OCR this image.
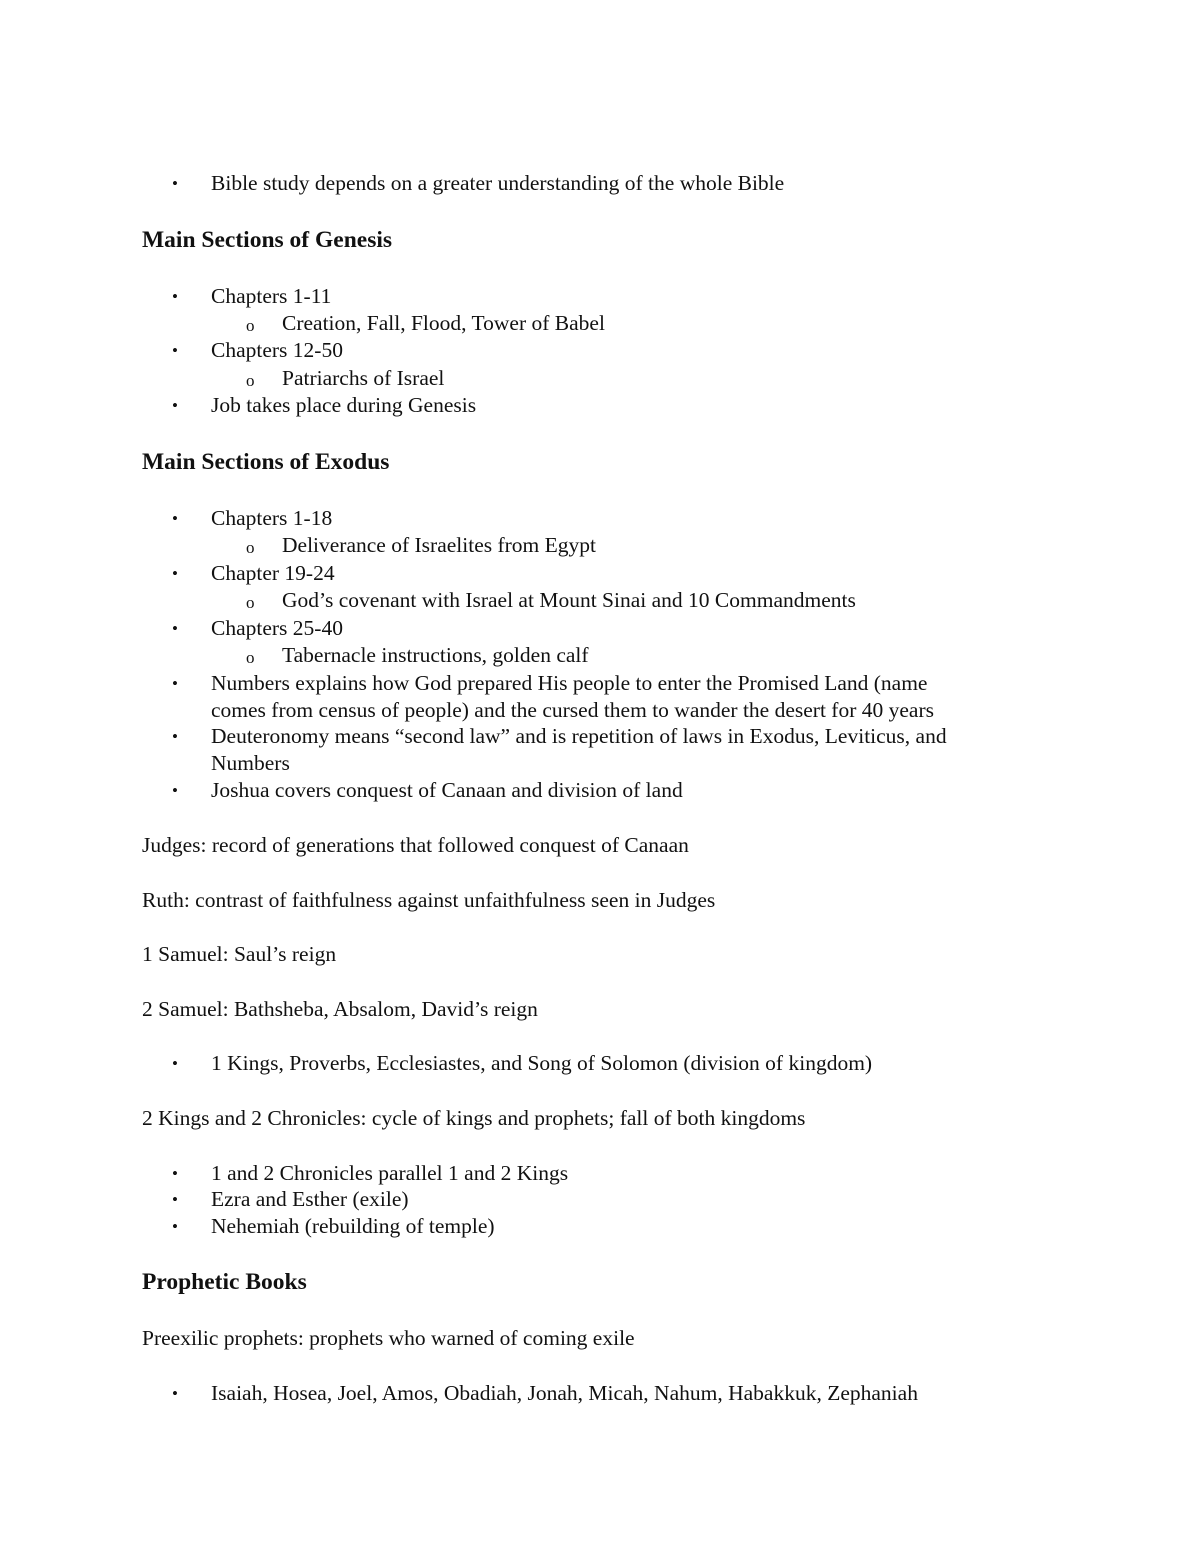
• Bible study depends on a greater understanding of the whole Bible
Main Sections of Genesis
• Chapters 1-11
o Creation, Fall, Flood, Tower of Babel
• Chapters 12-50
o Patriarchs of Israel
• Job takes place during Genesis
Main Sections of Exodus
• Chapters 1-18
o Deliverance of Israelites from Egypt
• Chapter 19-24
o God’s covenant with Israel at Mount Sinai and 10 Commandments
• Chapters 25-40
o Tabernacle instructions, golden calf
• Numbers explains how God prepared His people to enter the Promised Land (name
comes from census of people) and the cursed them to wander the desert for 40 years
• Deuteronomy means “second law” and is repetition of laws in Exodus, Leviticus, and
Numbers
• Joshua covers conquest of Canaan and division of land
Judges: record of generations that followed conquest of Canaan
Ruth: contrast of faithfulness against unfaithfulness seen in Judges
1 Samuel: Saul’s reign
2 Samuel: Bathsheba, Absalom, David’s reign
• 1 Kings, Proverbs, Ecclesiastes, and Song of Solomon (division of kingdom)
2 Kings and 2 Chronicles: cycle of kings and prophets; fall of both kingdoms
• 1 and 2 Chronicles parallel 1 and 2 Kings
• Ezra and Esther (exile)
• Nehemiah (rebuilding of temple)
Prophetic Books
Preexilic prophets: prophets who warned of coming exile
• Isaiah, Hosea, Joel, Amos, Obadiah, Jonah, Micah, Nahum, Habakkuk, Zephaniah
